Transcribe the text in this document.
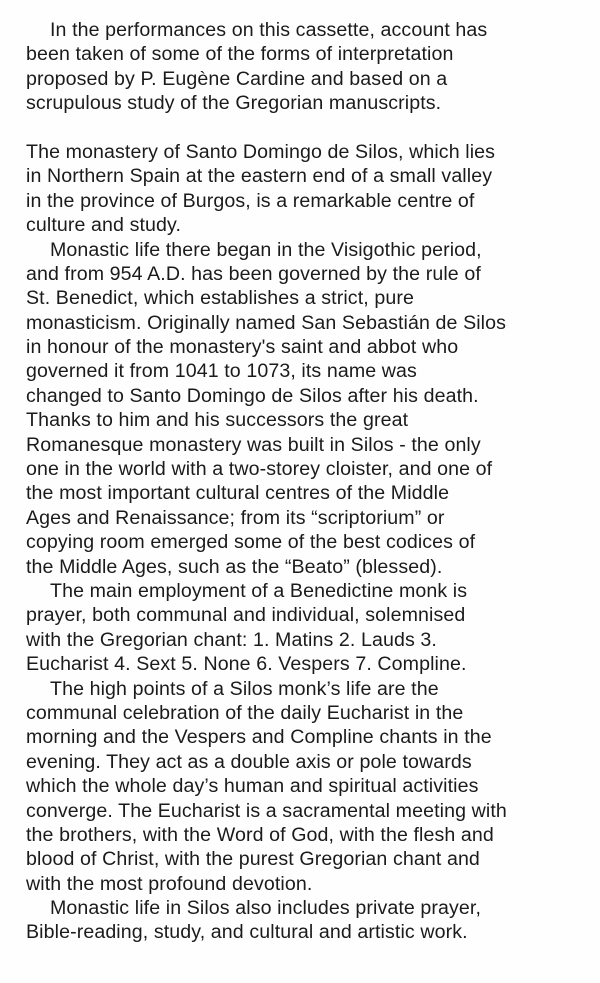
In the performances on this cassette, account has
been taken of some of the forms of interpretation
proposed by P. Eugène Cardine and based on a
scrupulous study of the Gregorian manuscripts.
The monastery of Santo Domingo de Silos, which lies
in Northern Spain at the eastern end of a small valley
in the province of Burgos, is a remarkable centre of
culture and study.
Monastic life there began in the Visigothic period,
and from 954 A.D. has been governed by the rule of
St. Benedict, which establishes a strict, pure
monasticism. Originally named San Sebastián de Silos
in honour of the monastery's saint and abbot who
governed it from 1041 to 1073, its name was
changed to Santo Domingo de Silos after his death.
Thanks to him and his successors the great
Romanesque monastery was built in Silos - the only
one in the world with a two-storey cloister, and one of
the most important cultural centres of the Middle
Ages and Renaissance; from its “scriptorium” or
copying room emerged some of the best codices of
the Middle Ages, such as the “Beato” (blessed).
The main employment of a Benedictine monk is
prayer, both communal and individual, solemnised
with the Gregorian chant: 1. Matins 2. Lauds 3.
Eucharist 4. Sext 5. None 6. Vespers 7. Compline.
The high points of a Silos monk’s life are the
communal celebration of the daily Eucharist in the
morning and the Vespers and Compline chants in the
evening. They act as a double axis or pole towards
which the whole day’s human and spiritual activities
converge. The Eucharist is a sacramental meeting with
the brothers, with the Word of God, with the flesh and
blood of Christ, with the purest Gregorian chant and
with the most profound devotion.
Monastic life in Silos also includes private prayer,
Bible-reading, study, and cultural and artistic work.
